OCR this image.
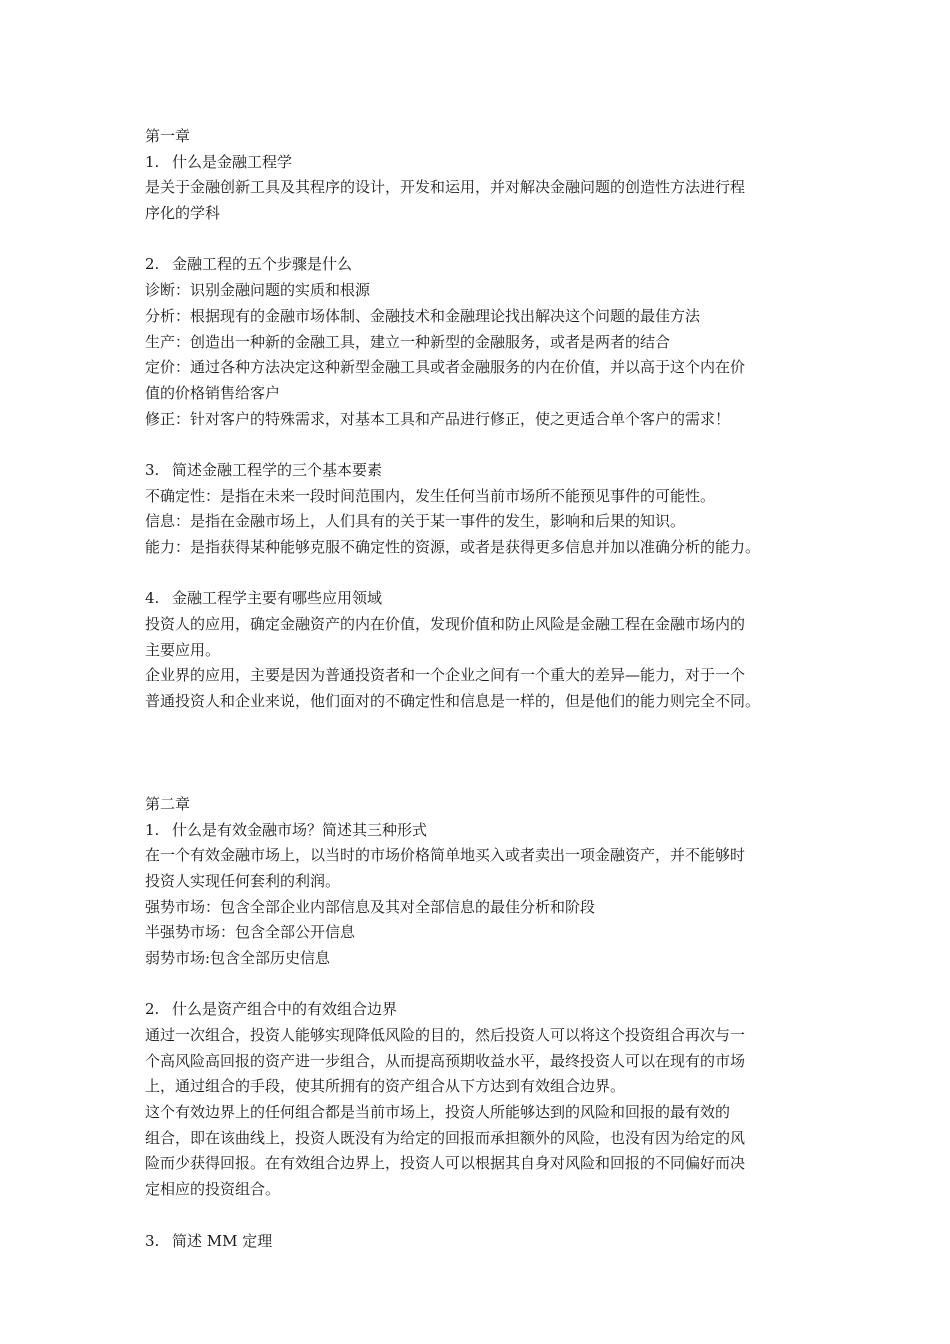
第一章
1. 什么是金融工程学
是关于金融创新工具及其程序的设计，开发和运用，并对解决金融问题的创造性方法进行程
序化的学科
2. 金融工程的五个步骤是什么
诊断：识别金融问题的实质和根源
分析：根据现有的金融市场体制、金融技术和金融理论找出解决这个问题的最佳方法
生产：创造出一种新的金融工具，建立一种新型的金融服务，或者是两者的结合
定价：通过各种方法决定这种新型金融工具或者金融服务的内在价值，并以高于这个内在价
值的价格销售给客户
修正：针对客户的特殊需求，对基本工具和产品进行修正，使之更适合单个客户的需求！
3. 简述金融工程学的三个基本要素
不确定性：是指在未来一段时间范围内，发生任何当前市场所不能预见事件的可能性。
信息：是指在金融市场上，人们具有的关于某一事件的发生，影响和后果的知识。
能力：是指获得某种能够克服不确定性的资源，或者是获得更多信息并加以准确分析的能力。
4. 金融工程学主要有哪些应用领域
投资人的应用，确定金融资产的内在价值，发现价值和防止风险是金融工程在金融市场内的
主要应用。
企业界的应用，主要是因为普通投资者和一个企业之间有一个重大的差异—能力，对于一个
普通投资人和企业来说，他们面对的不确定性和信息是一样的，但是他们的能力则完全不同。
第二章
1. 什么是有效金融市场？简述其三种形式
在一个有效金融市场上，以当时的市场价格简单地买入或者卖出一项金融资产，并不能够时
投资人实现任何套利的利润。
强势市场：包含全部企业内部信息及其对全部信息的最佳分析和阶段
半强势市场：包含全部公开信息
弱势市场:包含全部历史信息
2. 什么是资产组合中的有效组合边界
通过一次组合，投资人能够实现降低风险的目的，然后投资人可以将这个投资组合再次与一
个高风险高回报的资产进一步组合，从而提高预期收益水平，最终投资人可以在现有的市场
上，通过组合的手段，使其所拥有的资产组合从下方达到有效组合边界。
这个有效边界上的任何组合都是当前市场上，投资人所能够达到的风险和回报的最有效的
组合，即在该曲线上，投资人既没有为给定的回报而承担额外的风险，也没有因为给定的风
险而少获得回报。在有效组合边界上，投资人可以根据其自身对风险和回报的不同偏好而决
定相应的投资组合。
3. 简述 MM 定理
